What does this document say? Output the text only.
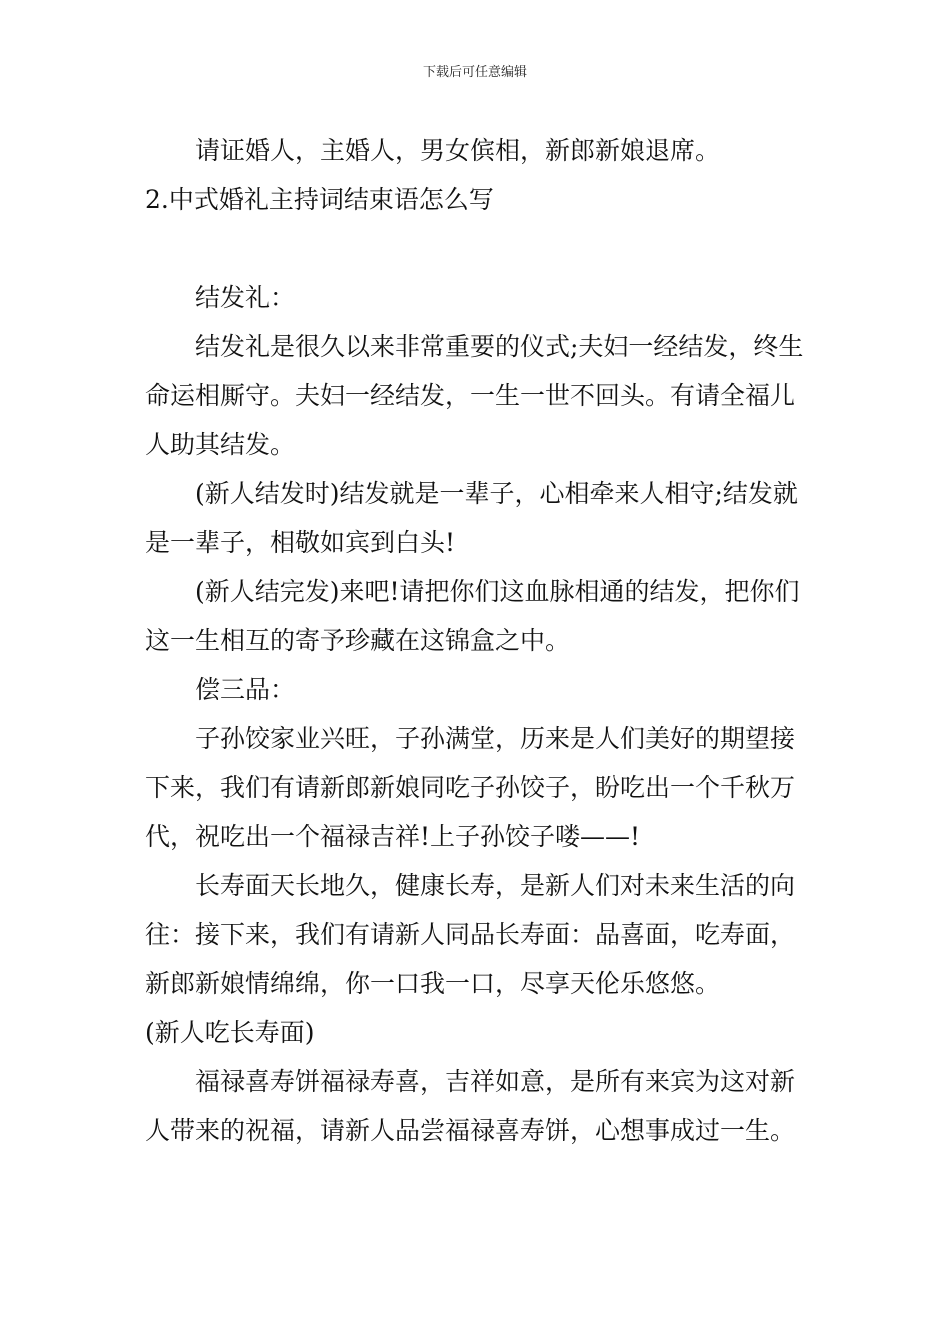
下载后可任意编辑

请证婚人，主婚人，男女傧相，新郎新娘退席。

2.中式婚礼主持词结束语怎么写

结发礼：

结发礼是很久以来非常重要的仪式;夫妇一经结发，终生命运相厮守。夫妇一经结发，一生一世不回头。有请全福儿人助其结发。

(新人结发时)结发就是一辈子，心相牵来人相守;结发就是一辈子，相敬如宾到白头!

(新人结完发)来吧!请把你们这血脉相通的结发，把你们这一生相互的寄予珍藏在这锦盒之中。

偿三品：

子孙饺家业兴旺，子孙满堂，历来是人们美好的期望接下来，我们有请新郎新娘同吃子孙饺子，盼吃出一个千秋万代，祝吃出一个福禄吉祥!上子孙饺子喽——!

长寿面天长地久，健康长寿，是新人们对未来生活的向往：接下来，我们有请新人同品长寿面：品喜面，吃寿面，新郎新娘情绵绵，你一口我一口，尽享天伦乐悠悠。

(新人吃长寿面)

福禄喜寿饼福禄寿喜，吉祥如意，是所有来宾为这对新人带来的祝福，请新人品尝福禄喜寿饼，心想事成过一生。
